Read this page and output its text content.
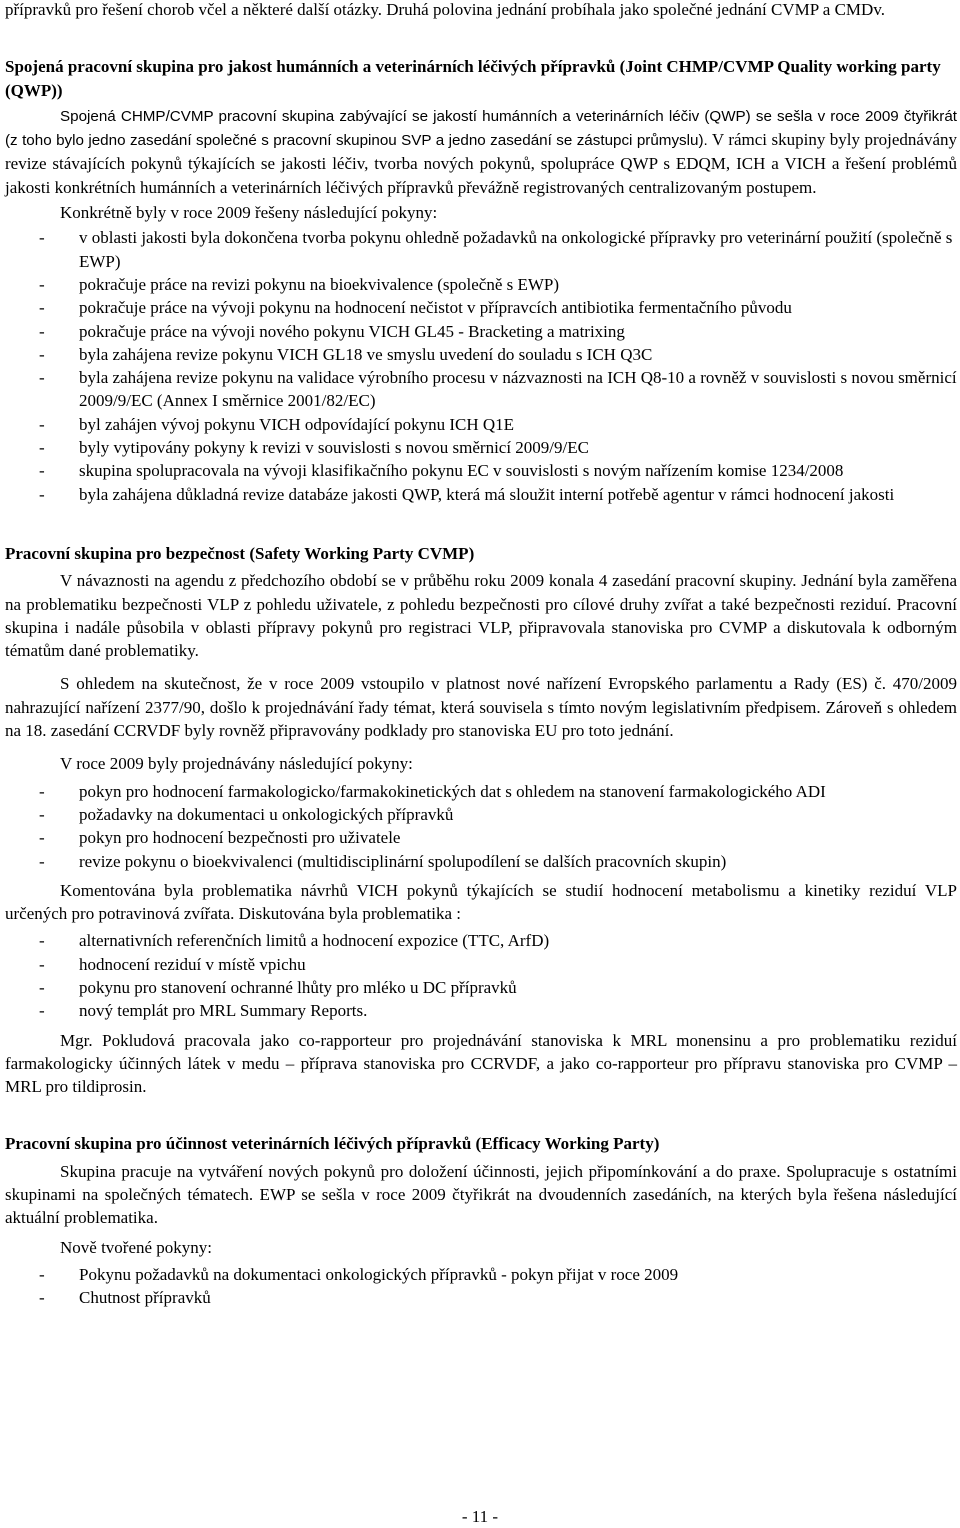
přípravků pro řešení chorob včel a některé další otázky. Druhá polovina jednání probíhala jako společné jednání CVMP a CMDv.

Spojená pracovní skupina pro jakost humánních a veterinárních léčivých přípravků (Joint CHMP/CVMP Quality working party (QWP))

Spojená CHMP/CVMP pracovní skupina zabývající se jakostí humánních a veterinárních léčiv (QWP) se sešla v roce 2009 čtyřikrát (z toho bylo jedno zasedání společné s pracovní skupinou SVP a jedno zasedání se zástupci průmyslu). V rámci skupiny byly projednávány revize stávajících pokynů týkajících se jakosti léčiv, tvorba nových pokynů, spolupráce QWP s EDQM, ICH a VICH a řešení problémů jakosti konkrétních humánních a veterinárních léčivých přípravků převážně registrovaných centralizovaným postupem.

Konkrétně byly v roce 2009 řešeny následující pokyny:

- v oblasti jakosti byla dokončena tvorba pokynu ohledně požadavků na onkologické přípravky pro veterinární použití (společně s EWP)
- pokračuje práce na revizi pokynu na bioekvivalence (společně s EWP)
- pokračuje práce na vývoji pokynu na hodnocení nečistot v přípravcích antibiotika fermentačního původu
- pokračuje práce na vývoji nového pokynu VICH GL45 - Bracketing a matrixing
- byla zahájena revize pokynu VICH GL18 ve smyslu uvedení do souladu s ICH Q3C
- byla zahájena revize pokynu na validace výrobního procesu v názvaznosti na ICH Q8-10 a rovněž v souvislosti s novou směrnicí 2009/9/EC (Annex I směrnice 2001/82/EC)
- byl zahájen vývoj pokynu VICH odpovídající pokynu ICH Q1E
- byly vytipovány pokyny k revizi v souvislosti s novou směrnicí 2009/9/EC
- skupina spolupracovala na vývoji klasifikačního pokynu EC v souvislosti s novým nařízením komise 1234/2008
- byla zahájena důkladná revize databáze jakosti QWP, která má sloužit interní potřebě agentur v rámci hodnocení jakosti

Pracovní skupina pro bezpečnost (Safety Working Party CVMP)

V návaznosti na agendu z předchozího období se v průběhu roku 2009 konala 4 zasedání pracovní skupiny. Jednání byla zaměřena na problematiku bezpečnosti VLP z pohledu uživatele, z pohledu bezpečnosti pro cílové druhy zvířat a také bezpečnosti reziduí. Pracovní skupina i nadále působila v oblasti přípravy pokynů pro registraci VLP, připravovala stanoviska pro CVMP a diskutovala k odborným tématům dané problematiky.

S ohledem na skutečnost, že v roce 2009 vstoupilo v platnost nové nařízení Evropského parlamentu a Rady (ES) č. 470/2009 nahrazující nařízení 2377/90, došlo k projednávání řady témat, která souvisela s tímto novým legislativním předpisem. Zároveň s ohledem na 18. zasedání CCRVDF byly rovněž připravovány podklady pro stanoviska EU pro toto jednání.

V roce 2009 byly projednávány následující pokyny:

- pokyn pro hodnocení farmakologicko/farmakokinetických dat s ohledem na stanovení farmakologického ADI
- požadavky na dokumentaci u onkologických přípravků
- pokyn pro hodnocení bezpečnosti pro uživatele
- revize pokynu o bioekvivalenci (multidisciplinární spolupodílení se dalších pracovních skupin)

Komentována byla problematika návrhů VICH pokynů týkajících se studií hodnocení metabolismu a kinetiky reziduí VLP určených pro potravinová zvířata. Diskutována byla problematika :

- alternativních referenčních limitů a hodnocení expozice (TTC, ArfD)
- hodnocení reziduí v místě vpichu
- pokynu pro stanovení ochranné lhůty pro mléko u DC přípravků
- nový templát pro MRL Summary Reports.

Mgr. Pokludová pracovala jako co-rapporteur pro projednávání stanoviska k MRL monensinu a pro problematiku reziduí farmakologicky účinných látek v medu – příprava stanoviska pro CCRVDF, a jako co-rapporteur pro přípravu stanoviska pro CVMP – MRL pro tildiprosin.

Pracovní skupina pro účinnost veterinárních léčivých přípravků (Efficacy Working Party)

Skupina pracuje na vytváření nových pokynů pro doložení účinnosti, jejich připomínkování a do praxe. Spolupracuje s ostatními skupinami na společných tématech. EWP se sešla v roce 2009 čtyřikrát na dvoudenních zasedáních, na kterých byla řešena následující aktuální problematika.

Nově tvořené pokyny:

- Pokynu požadavků na dokumentaci onkologických přípravků - pokyn přijat v roce 2009
- Chutnost přípravků
- 11 -
